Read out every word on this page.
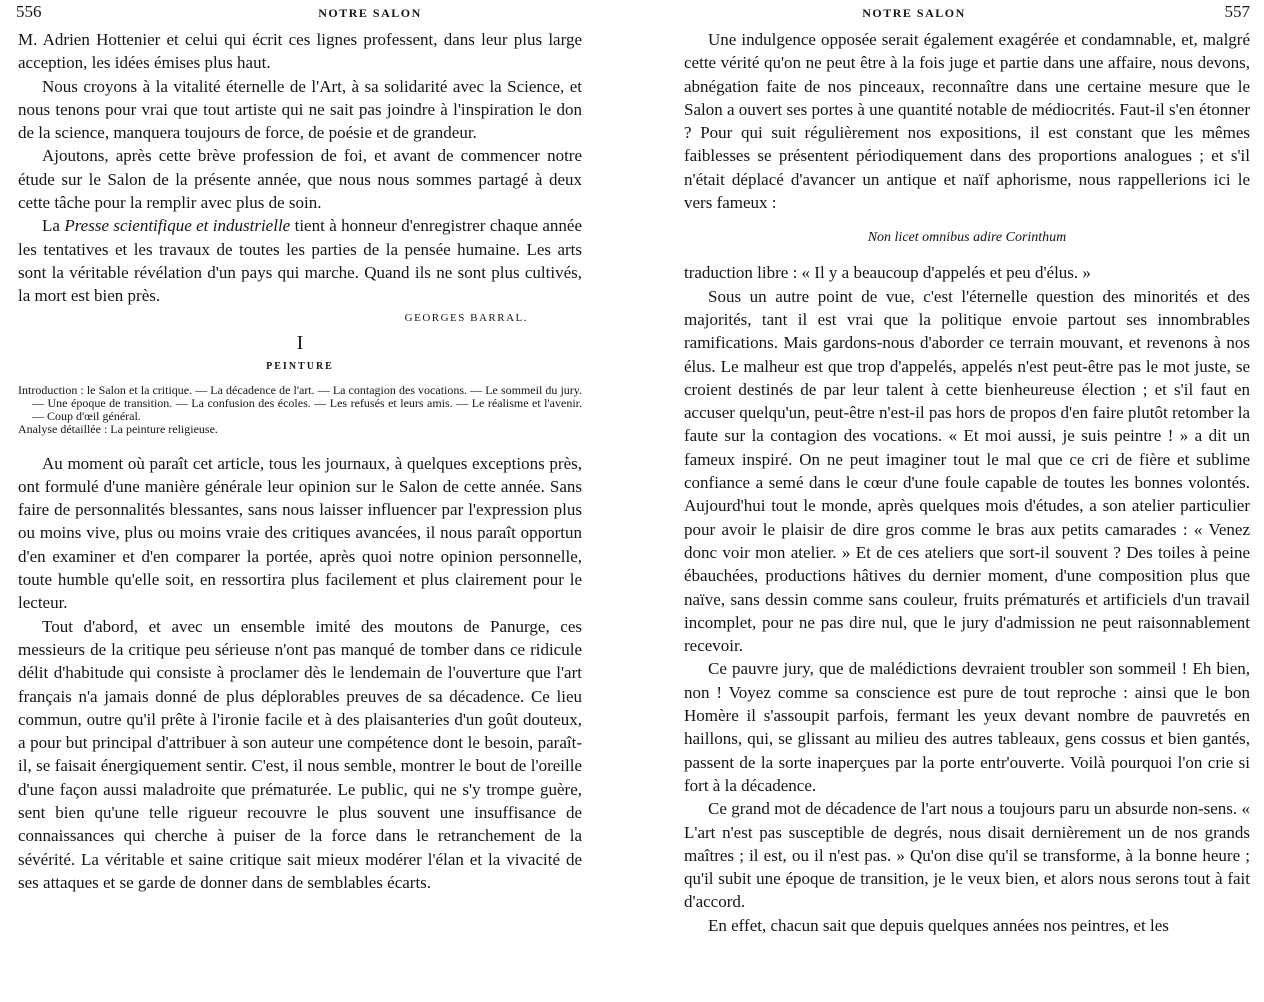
556	NOTRE SALON

M. Adrien Hottenier et celui qui écrit ces lignes professent, dans leur plus large acception, les idées émises plus haut.

Nous croyons à la vitalité éternelle de l'Art, à sa solidarité avec la Science, et nous tenons pour vrai que tout artiste qui ne sait pas joindre à l'inspiration le don de la science, manquera toujours de force, de poésie et de grandeur.

Ajoutons, après cette brève profession de foi, et avant de commencer notre étude sur le Salon de la présente année, que nous nous sommes partagé à deux cette tâche pour la remplir avec plus de soin.

La Presse scientifique et industrielle tient à honneur d'enregistrer chaque année les tentatives et les travaux de toutes les parties de la pensée humaine. Les arts sont la véritable révélation d'un pays qui marche. Quand ils ne sont plus cultivés, la mort est bien près.

GEORGES BARRAL.
I
PEINTURE
Introduction : le Salon et la critique. — La décadence de l'art. — La contagion des vocations. — Le sommeil du jury. — Une époque de transition. — La confusion des écoles. — Les refusés et leurs amis. — Le réalisme et l'avenir. — Coup d'œil général.
Analyse détaillée : La peinture religieuse.

Au moment où paraît cet article, tous les journaux, à quelques exceptions près, ont formulé d'une manière générale leur opinion sur le Salon de cette année. Sans faire de personnalités blessantes, sans nous laisser influencer par l'expression plus ou moins vive, plus ou moins vraie des critiques avancées, il nous paraît opportun d'en examiner et d'en comparer la portée, après quoi notre opinion personnelle, toute humble qu'elle soit, en ressortira plus facilement et plus clairement pour le lecteur.

Tout d'abord, et avec un ensemble imité des moutons de Panurge, ces messieurs de la critique peu sérieuse n'ont pas manqué de tomber dans ce ridicule délit d'habitude qui consiste à proclamer dès le lendemain de l'ouverture que l'art français n'a jamais donné de plus déplorables preuves de sa décadence. Ce lieu commun, outre qu'il prête à l'ironie facile et à des plaisanteries d'un goût douteux, a pour but principal d'attribuer à son auteur une compétence dont le besoin, paraît-il, se faisait énergiquement sentir. C'est, il nous semble, montrer le bout de l'oreille d'une façon aussi maladroite que prématurée. Le public, qui ne s'y trompe guère, sent bien qu'une telle rigueur recouvre le plus souvent une insuffisance de connaissances qui cherche à puiser de la force dans le retranchement de la sévérité. La véritable et saine critique sait mieux modérer l'élan et la vivacité de ses attaques et se garde de donner dans de semblables écarts.

NOTRE SALON	557

Une indulgence opposée serait également exagérée et condamnable, et, malgré cette vérité qu'on ne peut être à la fois juge et partie dans une affaire, nous devons, abnégation faite de nos pinceaux, reconnaître dans une certaine mesure que le Salon a ouvert ses portes à une quantité notable de médiocrités. Faut-il s'en étonner ? Pour qui suit régulièrement nos expositions, il est constant que les mêmes faiblesses se présentent périodiquement dans des proportions analogues ; et s'il n'était déplacé d'avancer un antique et naïf aphorisme, nous rappellerions ici le vers fameux :

Non licet omnibus adire Corinthum

traduction libre : « Il y a beaucoup d'appelés et peu d'élus. »

Sous un autre point de vue, c'est l'éternelle question des minorités et des majorités, tant il est vrai que la politique envoie partout ses innombrables ramifications. Mais gardons-nous d'aborder ce terrain mouvant, et revenons à nos élus. Le malheur est que trop d'appelés, appelés n'est peut-être pas le mot juste, se croient destinés de par leur talent à cette bienheureuse élection ; et s'il faut en accuser quelqu'un, peut-être n'est-il pas hors de propos d'en faire plutôt retomber la faute sur la contagion des vocations. « Et moi aussi, je suis peintre ! » a dit un fameux inspiré. On ne peut imaginer tout le mal que ce cri de fière et sublime confiance a semé dans le cœur d'une foule capable de toutes les bonnes volontés. Aujourd'hui tout le monde, après quelques mois d'études, a son atelier particulier pour avoir le plaisir de dire gros comme le bras aux petits camarades : « Venez donc voir mon atelier. » Et de ces ateliers que sort-il souvent ? Des toiles à peine ébauchées, productions hâtives du dernier moment, d'une composition plus que naïve, sans dessin comme sans couleur, fruits prématurés et artificiels d'un travail incomplet, pour ne pas dire nul, que le jury d'admission ne peut raisonnablement recevoir.

Ce pauvre jury, que de malédictions devraient troubler son sommeil ! Eh bien, non ! Voyez comme sa conscience est pure de tout reproche : ainsi que le bon Homère il s'assoupit parfois, fermant les yeux devant nombre de pauvretés en haillons, qui, se glissant au milieu des autres tableaux, gens cossus et bien gantés, passent de la sorte inaperçues par la porte entr'ouverte. Voilà pourquoi l'on crie si fort à la décadence.

Ce grand mot de décadence de l'art nous a toujours paru un absurde non-sens. « L'art n'est pas susceptible de degrés, nous disait dernièrement un de nos grands maîtres ; il est, ou il n'est pas. » Qu'on dise qu'il se transforme, à la bonne heure ; qu'il subit une époque de transition, je le veux bien, et alors nous serons tout à fait d'accord.

En effet, chacun sait que depuis quelques années nos peintres, et les
